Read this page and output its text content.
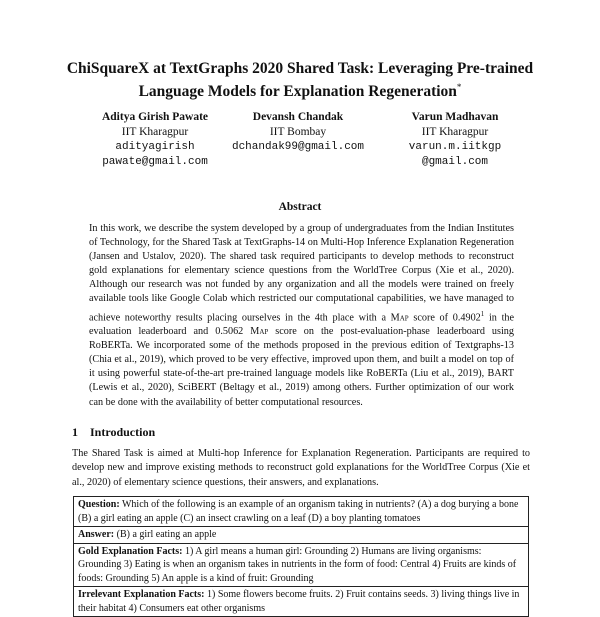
ChiSquareX at TextGraphs 2020 Shared Task: Leveraging Pre-trained
Language Models for Explanation Regeneration*
Aditya Girish Pawate
IIT Kharagpur
adityagirish
pawate@gmail.com
Devansh Chandak
IIT Bombay
dchandak99@gmail.com
Varun Madhavan
IIT Kharagpur
varun.m.iitkgp
@gmail.com
Abstract
In this work, we describe the system developed by a group of undergraduates from the Indian Institutes of Technology, for the Shared Task at TextGraphs-14 on Multi-Hop Inference Explanation Regeneration (Jansen and Ustalov, 2020). The shared task required participants to develop methods to reconstruct gold explanations for elementary science questions from the WorldTree Corpus (Xie et al., 2020). Although our research was not funded by any organization and all the models were trained on freely available tools like Google Colab which restricted our computational capabilities, we have managed to achieve noteworthy results placing ourselves in the 4th place with a Map score of 0.4902$^1$ in the evaluation leaderboard and 0.5062 Map score on the post-evaluation-phase leaderboard using RoBERTa. We incorporated some of the methods proposed in the previous edition of Textgraphs-13 (Chia et al., 2019), which proved to be very effective, improved upon them, and built a model on top of it using powerful state-of-the-art pre-trained language models like RoBERTa (Liu et al., 2019), BART (Lewis et al., 2020), SciBERT (Beltagy et al., 2019) among others. Further optimization of our work can be done with the availability of better computational resources.
1 Introduction
The Shared Task is aimed at Multi-hop Inference for Explanation Regeneration. Participants are required to develop new and improve existing methods to reconstruct gold explanations for the WorldTree Corpus (Xie et al., 2020) of elementary science questions, their answers, and explanations.
Question: Which of the following is an example of an organism taking in nutrients? (A) a dog burying a bone (B) a girl eating an apple (C) an insect crawling on a leaf (D) a boy planting tomatoes
Answer: (B) a girl eating an apple
Gold Explanation Facts: 1) A girl means a human girl: Grounding 2) Humans are living organisms: Grounding 3) Eating is when an organism takes in nutrients in the form of food: Central 4) Fruits are kinds of foods: Grounding 5) An apple is a kind of fruit: Grounding
Irrelevant Explanation Facts: 1) Some flowers become fruits. 2) Fruit contains seeds. 3) living things live in their habitat 4) Consumers eat other organisms
